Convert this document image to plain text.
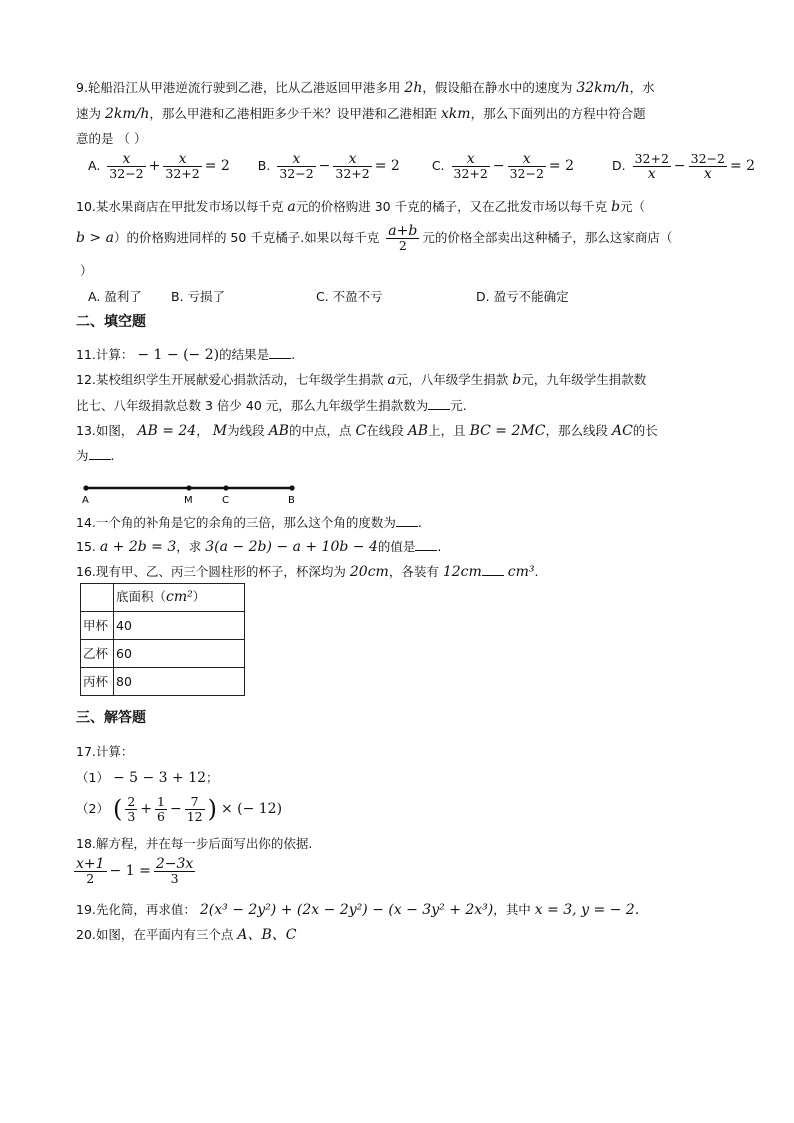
9.轮船沿江从甲港逆流行驶到乙港，比从乙港返回甲港多用 2h，假设船在静水中的速度为 32km/h，水
速为 2km/h，那么甲港和乙港相距多少千米？设甲港和乙港相距 xkm，那么下面列出的方程中符合题
意的是 （ ）
A. $\frac{x}{32-2} + \frac{x}{32+2} = 2$ B. $\frac{x}{32-2} - \frac{x}{32+2} = 2$	C. $\frac{x}{32+2} - \frac{x}{32-2} = 2$	D. $\frac{32+2}{x} - \frac{32-2}{x} = 2$
10.某水果商店在甲批发市场以每千克 a元的价格购进 30 千克的橘子，又在乙批发市场以每千克 b元（
b > a）的价格购进同样的 50 千克橘子.如果以每千克 $\frac{a+b}{2}$ 元的价格全部卖出这种橘子，那么这家商店（
）
A. 盈利了 B. 亏损了	C. 不盈不亏	D. 盈亏不能确定
二、填空题
11.计算： − 1 − (− 2)的结果是 .
12.某校组织学生开展献爱心捐款活动，七年级学生捐款 a元，八年级学生捐款 b元，九年级学生捐款数
比七、八年级捐款总数 3 倍少 40 元，那么九年级学生捐款数为 元.
13.如图， AB = 24， M为线段 AB的中点，点 C在线段 AB上，且 BC = 2MC，那么线段 AC的长
为 .
A	M	C	B
14.一个角的补角是它的余角的三倍，那么这个角的度数为 .
15. a + 2b = 3，求 3(a − 2b) − a + 10b − 4的值是 .
16.现有甲、乙、丙三个圆柱形的杯子，杯深均为 20cm，各装有 12cm cm³.
	底面积（cm²）
甲杯	40
乙杯	60
丙杯	80
三、解答题
17.计算：
（1） − 5 − 3 + 12；
（2） ( $\frac{2}{3} + \frac{1}{6} - \frac{7}{12}$ ) × (− 12)
18.解方程，并在每一步后面写出你的依据.
$\frac{x+1}{2} - 1 = \frac{2-3x}{3}$
19.先化简，再求值： 2(x³ − 2y²) + (2x − 2y²) − (x − 3y² + 2x³)，其中 x = 3, y = − 2.
20.如图，在平面内有三个点 A、B、C
